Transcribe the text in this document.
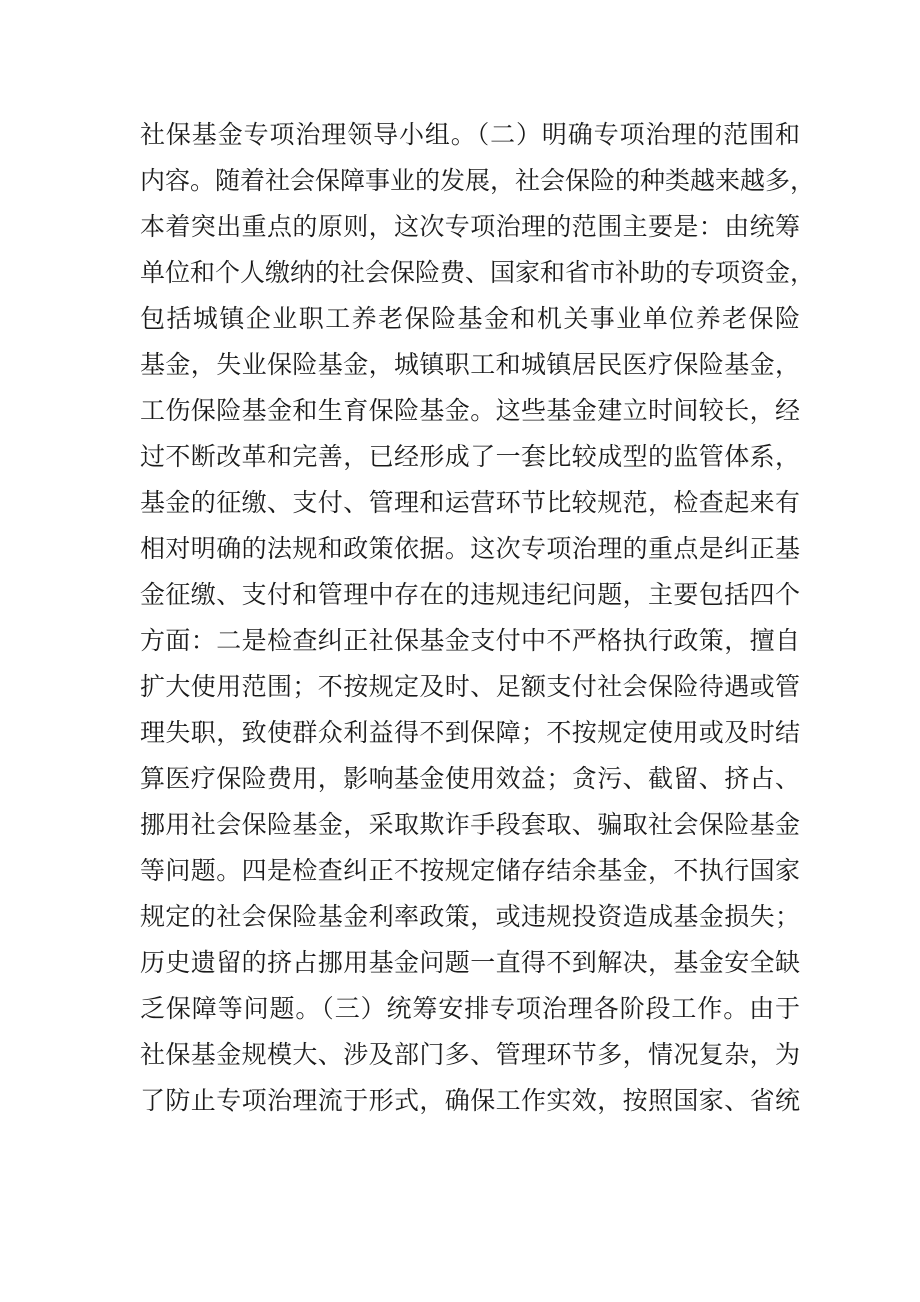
社保基金专项治理领导小组。（二）明确专项治理的范围和
内容。随着社会保障事业的发展，社会保险的种类越来越多，
本着突出重点的原则，这次专项治理的范围主要是：由统筹
单位和个人缴纳的社会保险费、国家和省市补助的专项资金，
包括城镇企业职工养老保险基金和机关事业单位养老保险
基金，失业保险基金，城镇职工和城镇居民医疗保险基金，
工伤保险基金和生育保险基金。这些基金建立时间较长，经
过不断改革和完善，已经形成了一套比较成型的监管体系，
基金的征缴、支付、管理和运营环节比较规范，检查起来有
相对明确的法规和政策依据。这次专项治理的重点是纠正基
金征缴、支付和管理中存在的违规违纪问题，主要包括四个
方面：二是检查纠正社保基金支付中不严格执行政策，擅自
扩大使用范围；不按规定及时、足额支付社会保险待遇或管
理失职，致使群众利益得不到保障；不按规定使用或及时结
算医疗保险费用，影响基金使用效益；贪污、截留、挤占、
挪用社会保险基金，采取欺诈手段套取、骗取社会保险基金
等问题。四是检查纠正不按规定储存结余基金，不执行国家
规定的社会保险基金利率政策，或违规投资造成基金损失；
历史遗留的挤占挪用基金问题一直得不到解决，基金安全缺
乏保障等问题。（三）统筹安排专项治理各阶段工作。由于
社保基金规模大、涉及部门多、管理环节多，情况复杂，为
了防止专项治理流于形式，确保工作实效，按照国家、省统
